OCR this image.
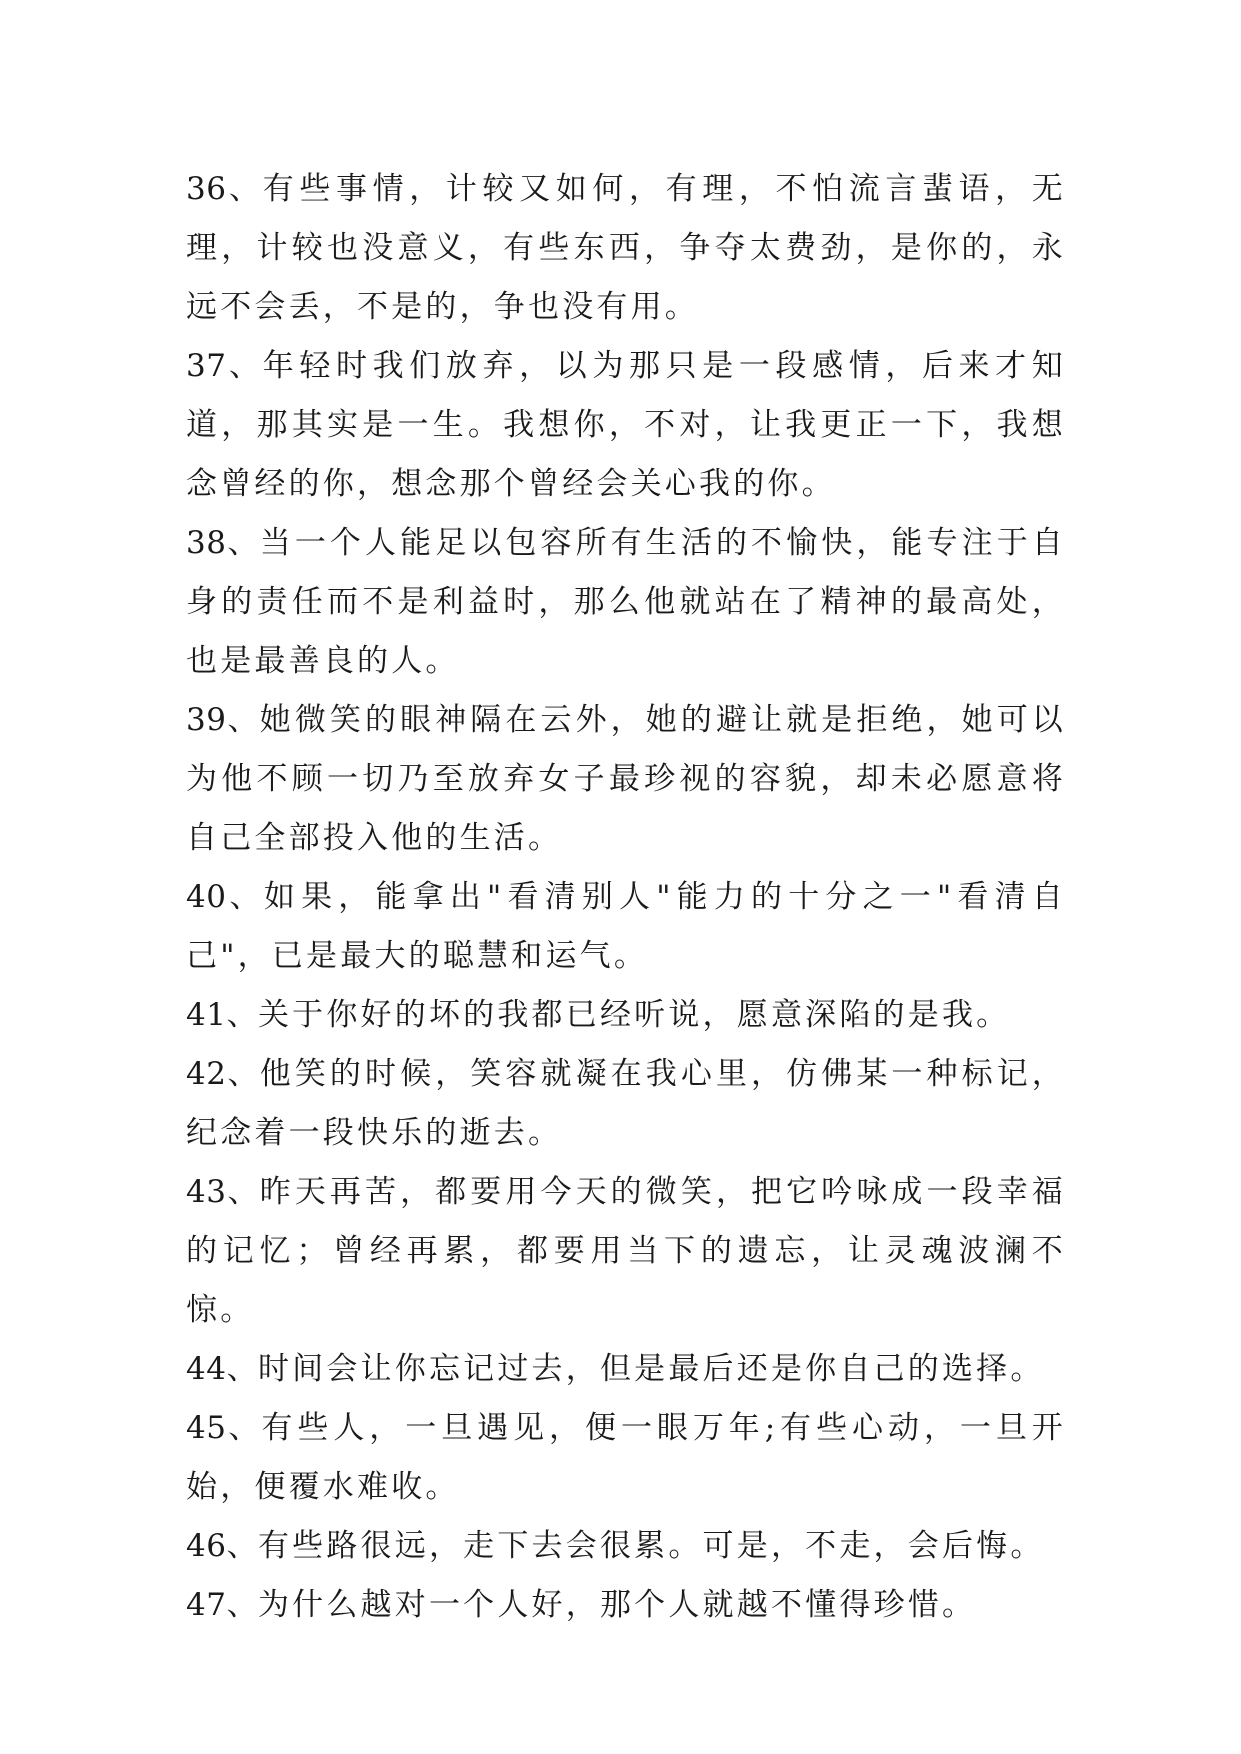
36、有些事情，计较又如何，有理，不怕流言蜚语，无理，计较也没意义，有些东西，争夺太费劲，是你的，永远不会丢，不是的，争也没有用。

37、年轻时我们放弃，以为那只是一段感情，后来才知道，那其实是一生。我想你，不对，让我更正一下，我想念曾经的你，想念那个曾经会关心我的你。

38、当一个人能足以包容所有生活的不愉快，能专注于自身的责任而不是利益时，那么他就站在了精神的最高处，也是最善良的人。

39、她微笑的眼神隔在云外，她的避让就是拒绝，她可以为他不顾一切乃至放弃女子最珍视的容貌，却未必愿意将自己全部投入他的生活。

40、如果，能拿出"看清别人"能力的十分之一"看清自己"，已是最大的聪慧和运气。

41、关于你好的坏的我都已经听说，愿意深陷的是我。

42、他笑的时候，笑容就凝在我心里，仿佛某一种标记，纪念着一段快乐的逝去。

43、昨天再苦，都要用今天的微笑，把它吟咏成一段幸福的记忆；曾经再累，都要用当下的遗忘，让灵魂波澜不惊。

44、时间会让你忘记过去，但是最后还是你自己的选择。

45、有些人，一旦遇见，便一眼万年;有些心动，一旦开始，便覆水难收。

46、有些路很远，走下去会很累。可是，不走，会后悔。

47、为什么越对一个人好，那个人就越不懂得珍惜。
